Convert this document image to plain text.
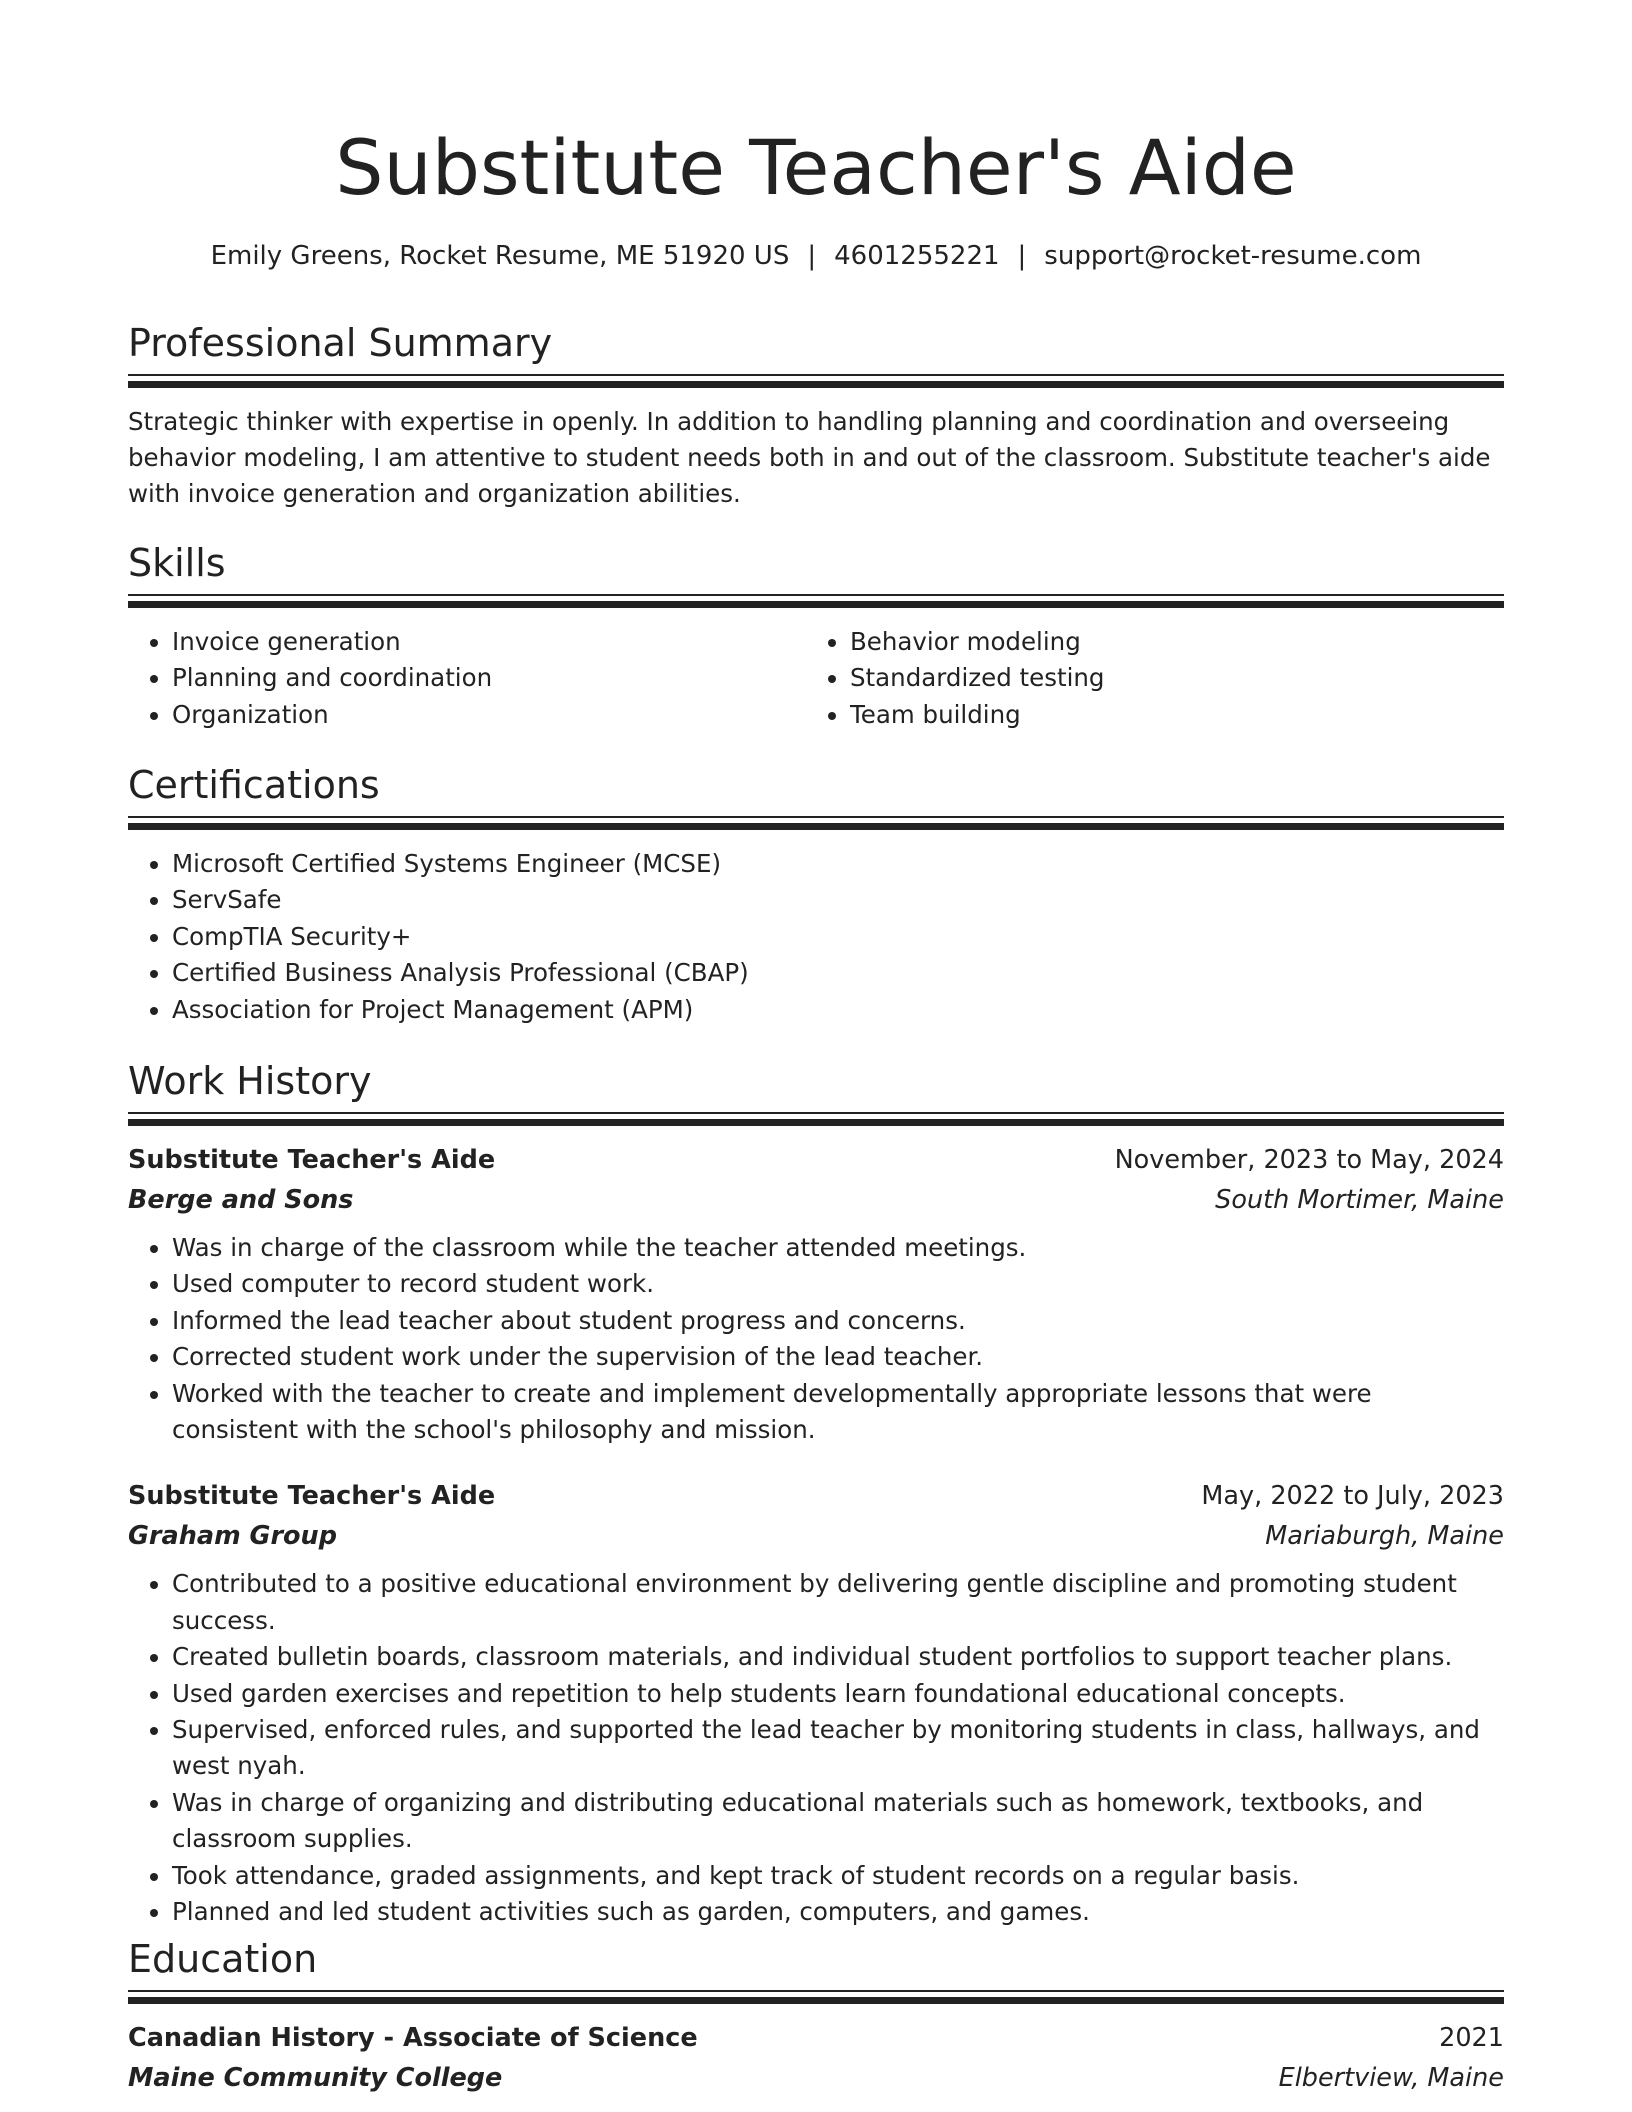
Substitute Teacher's Aide
Emily Greens, Rocket Resume, ME 51920 US | 4601255221 | support@rocket-resume.com
Professional Summary

Strategic thinker with expertise in openly. In addition to handling planning and coordination and overseeing behavior modeling, I am attentive to student needs both in and out of the classroom. Substitute teacher's aide with invoice generation and organization abilities.

Skills
• Invoice generation
• Planning and coordination
• Organization
• Behavior modeling
• Standardized testing
• Team building
Certifications
• Microsoft Certified Systems Engineer (MCSE)
• ServSafe
• CompTIA Security+
• Certified Business Analysis Professional (CBAP)
• Association for Project Management (APM)
Work History
Substitute Teacher's Aide	November, 2023 to May, 2024
Berge and Sons	South Mortimer, Maine
• Was in charge of the classroom while the teacher attended meetings.
• Used computer to record student work.
• Informed the lead teacher about student progress and concerns.
• Corrected student work under the supervision of the lead teacher.
• Worked with the teacher to create and implement developmentally appropriate lessons that were consistent with the school's philosophy and mission.
Substitute Teacher's Aide	May, 2022 to July, 2023
Graham Group	Mariaburgh, Maine
• Contributed to a positive educational environment by delivering gentle discipline and promoting student success.
• Created bulletin boards, classroom materials, and individual student portfolios to support teacher plans.
• Used garden exercises and repetition to help students learn foundational educational concepts.
• Supervised, enforced rules, and supported the lead teacher by monitoring students in class, hallways, and west nyah.
• Was in charge of organizing and distributing educational materials such as homework, textbooks, and classroom supplies.
• Took attendance, graded assignments, and kept track of student records on a regular basis.
• Planned and led student activities such as garden, computers, and games.
Education
Canadian History - Associate of Science	2021
Maine Community College	Elbertview, Maine
